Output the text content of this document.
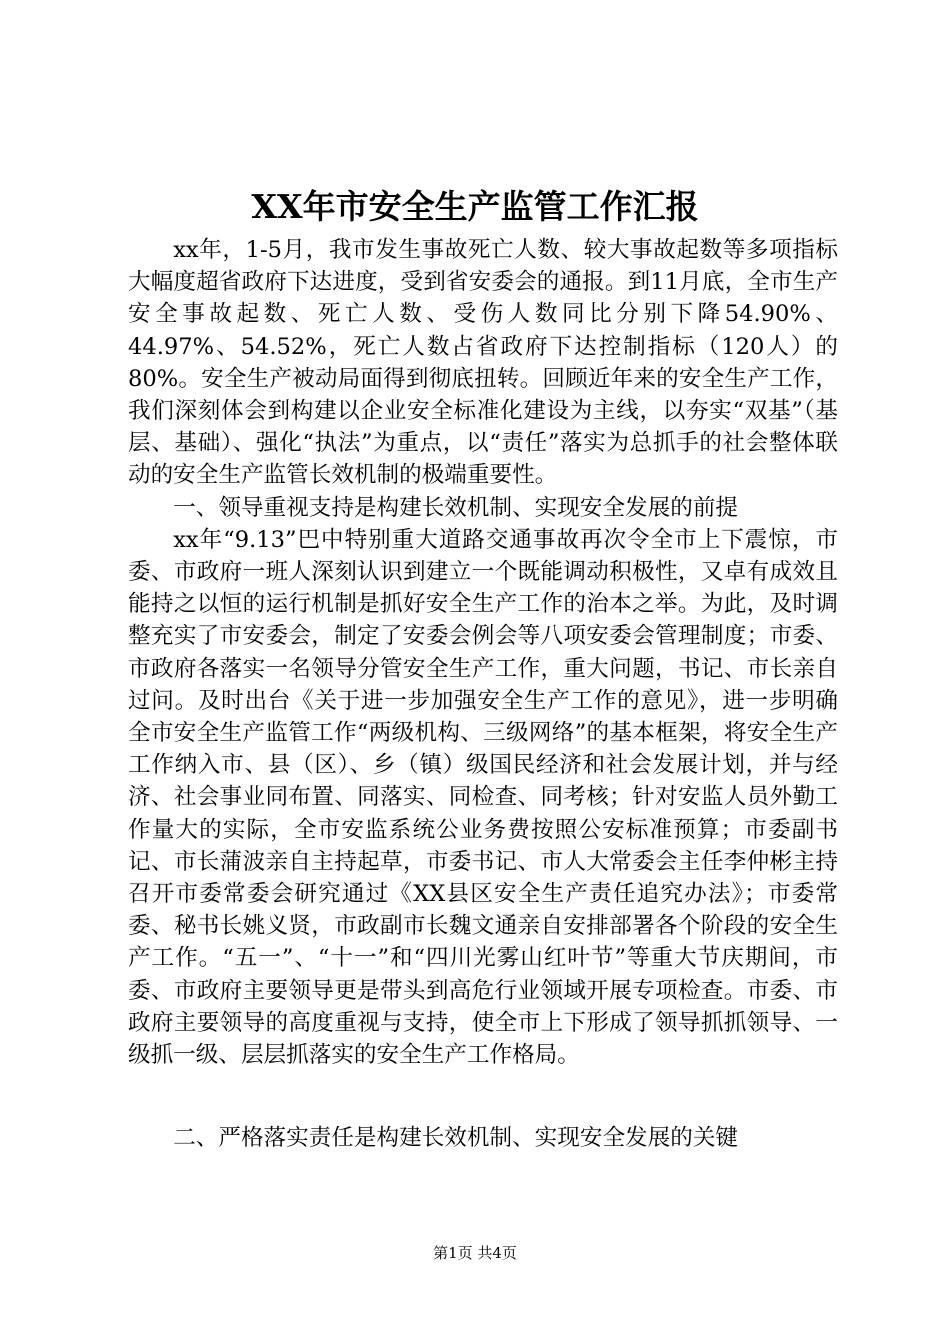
XX年市安全生产监管工作汇报

xx年，1-5月，我市发生事故死亡人数、较大事故起数等多项指标大幅度超省政府下达进度，受到省安委会的通报。到11月底，全市生产安全事故起数、死亡人数、受伤人数同比分别下降54.90%、44.97%、54.52%，死亡人数占省政府下达控制指标（120人）的80%。安全生产被动局面得到彻底扭转。回顾近年来的安全生产工作，我们深刻体会到构建以企业安全标准化建设为主线，以夯实“双基”（基层、基础）、强化“执法”为重点，以“责任”落实为总抓手的社会整体联动的安全生产监管长效机制的极端重要性。

一、领导重视支持是构建长效机制、实现安全发展的前提

xx年“9.13”巴中特别重大道路交通事故再次令全市上下震惊，市委、市政府一班人深刻认识到建立一个既能调动积极性，又卓有成效且能持之以恒的运行机制是抓好安全生产工作的治本之举。为此，及时调整充实了市安委会，制定了安委会例会等八项安委会管理制度；市委、市政府各落实一名领导分管安全生产工作，重大问题，书记、市长亲自过问。及时出台《关于进一步加强安全生产工作的意见》，进一步明确全市安全生产监管工作“两级机构、三级网络”的基本框架，将安全生产工作纳入市、县（区）、乡（镇）级国民经济和社会发展计划，并与经济、社会事业同布置、同落实、同检查、同考核；针对安监人员外勤工作量大的实际，全市安监系统公业务费按照公安标准预算；市委副书记、市长蒲波亲自主持起草，市委书记、市人大常委会主任李仲彬主持召开市委常委会研究通过《XX县区安全生产责任追究办法》；市委常委、秘书长姚义贤，市政副市长魏文通亲自安排部署各个阶段的安全生产工作。“五一”、“十一”和“四川光雾山红叶节”等重大节庆期间，市委、市政府主要领导更是带头到高危行业领域开展专项检查。市委、市政府主要领导的高度重视与支持，使全市上下形成了领导抓抓领导、一级抓一级、层层抓落实的安全生产工作格局。

二、严格落实责任是构建长效机制、实现安全发展的关键

第1页 共4页
